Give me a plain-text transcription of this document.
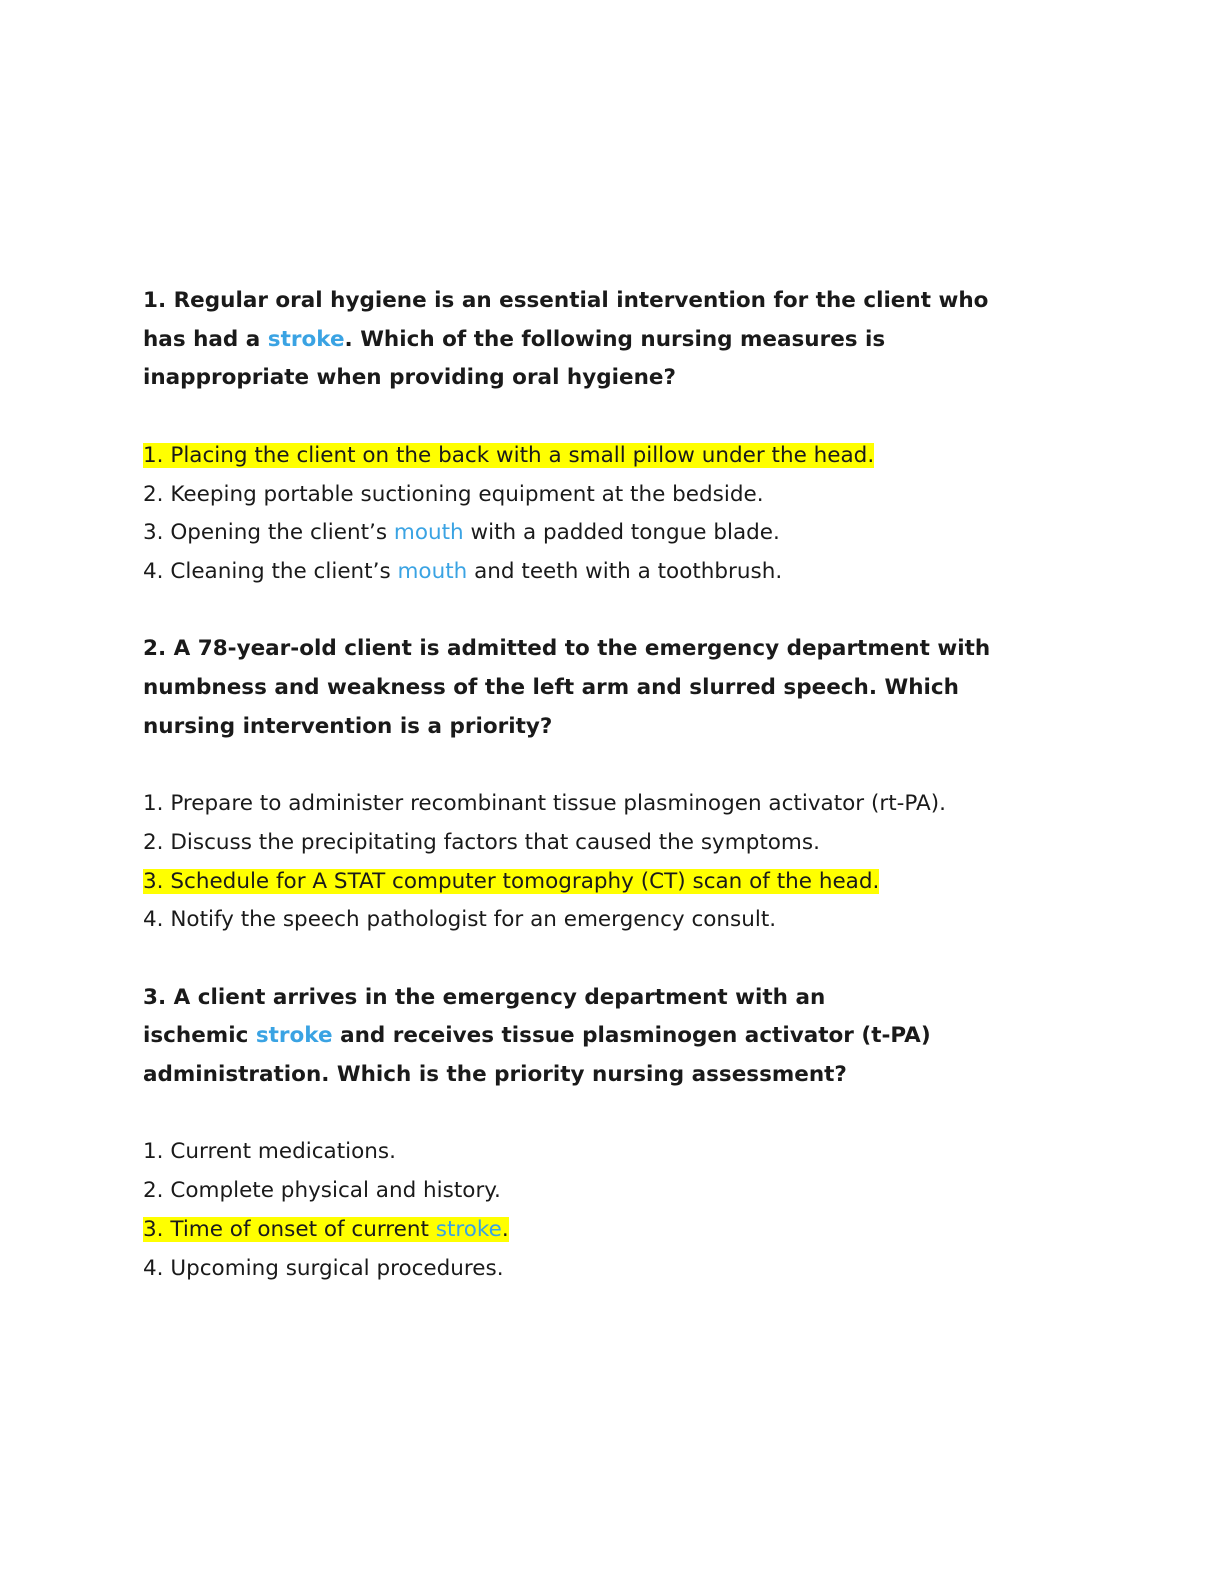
1. Regular oral hygiene is an essential intervention for the client who
has had a stroke. Which of the following nursing measures is
inappropriate when providing oral hygiene?
1. Placing the client on the back with a small pillow under the head.
2. Keeping portable suctioning equipment at the bedside.
3. Opening the client’s mouth with a padded tongue blade.
4. Cleaning the client’s mouth and teeth with a toothbrush.
2. A 78-year-old client is admitted to the emergency department with
numbness and weakness of the left arm and slurred speech. Which
nursing intervention is a priority?
1. Prepare to administer recombinant tissue plasminogen activator (rt-PA).
2. Discuss the precipitating factors that caused the symptoms.
3. Schedule for A STAT computer tomography (CT) scan of the head.
4. Notify the speech pathologist for an emergency consult.
3. A client arrives in the emergency department with an
ischemic stroke and receives tissue plasminogen activator (t-PA)
administration. Which is the priority nursing assessment?
1. Current medications.
2. Complete physical and history.
3. Time of onset of current stroke.
4. Upcoming surgical procedures.
